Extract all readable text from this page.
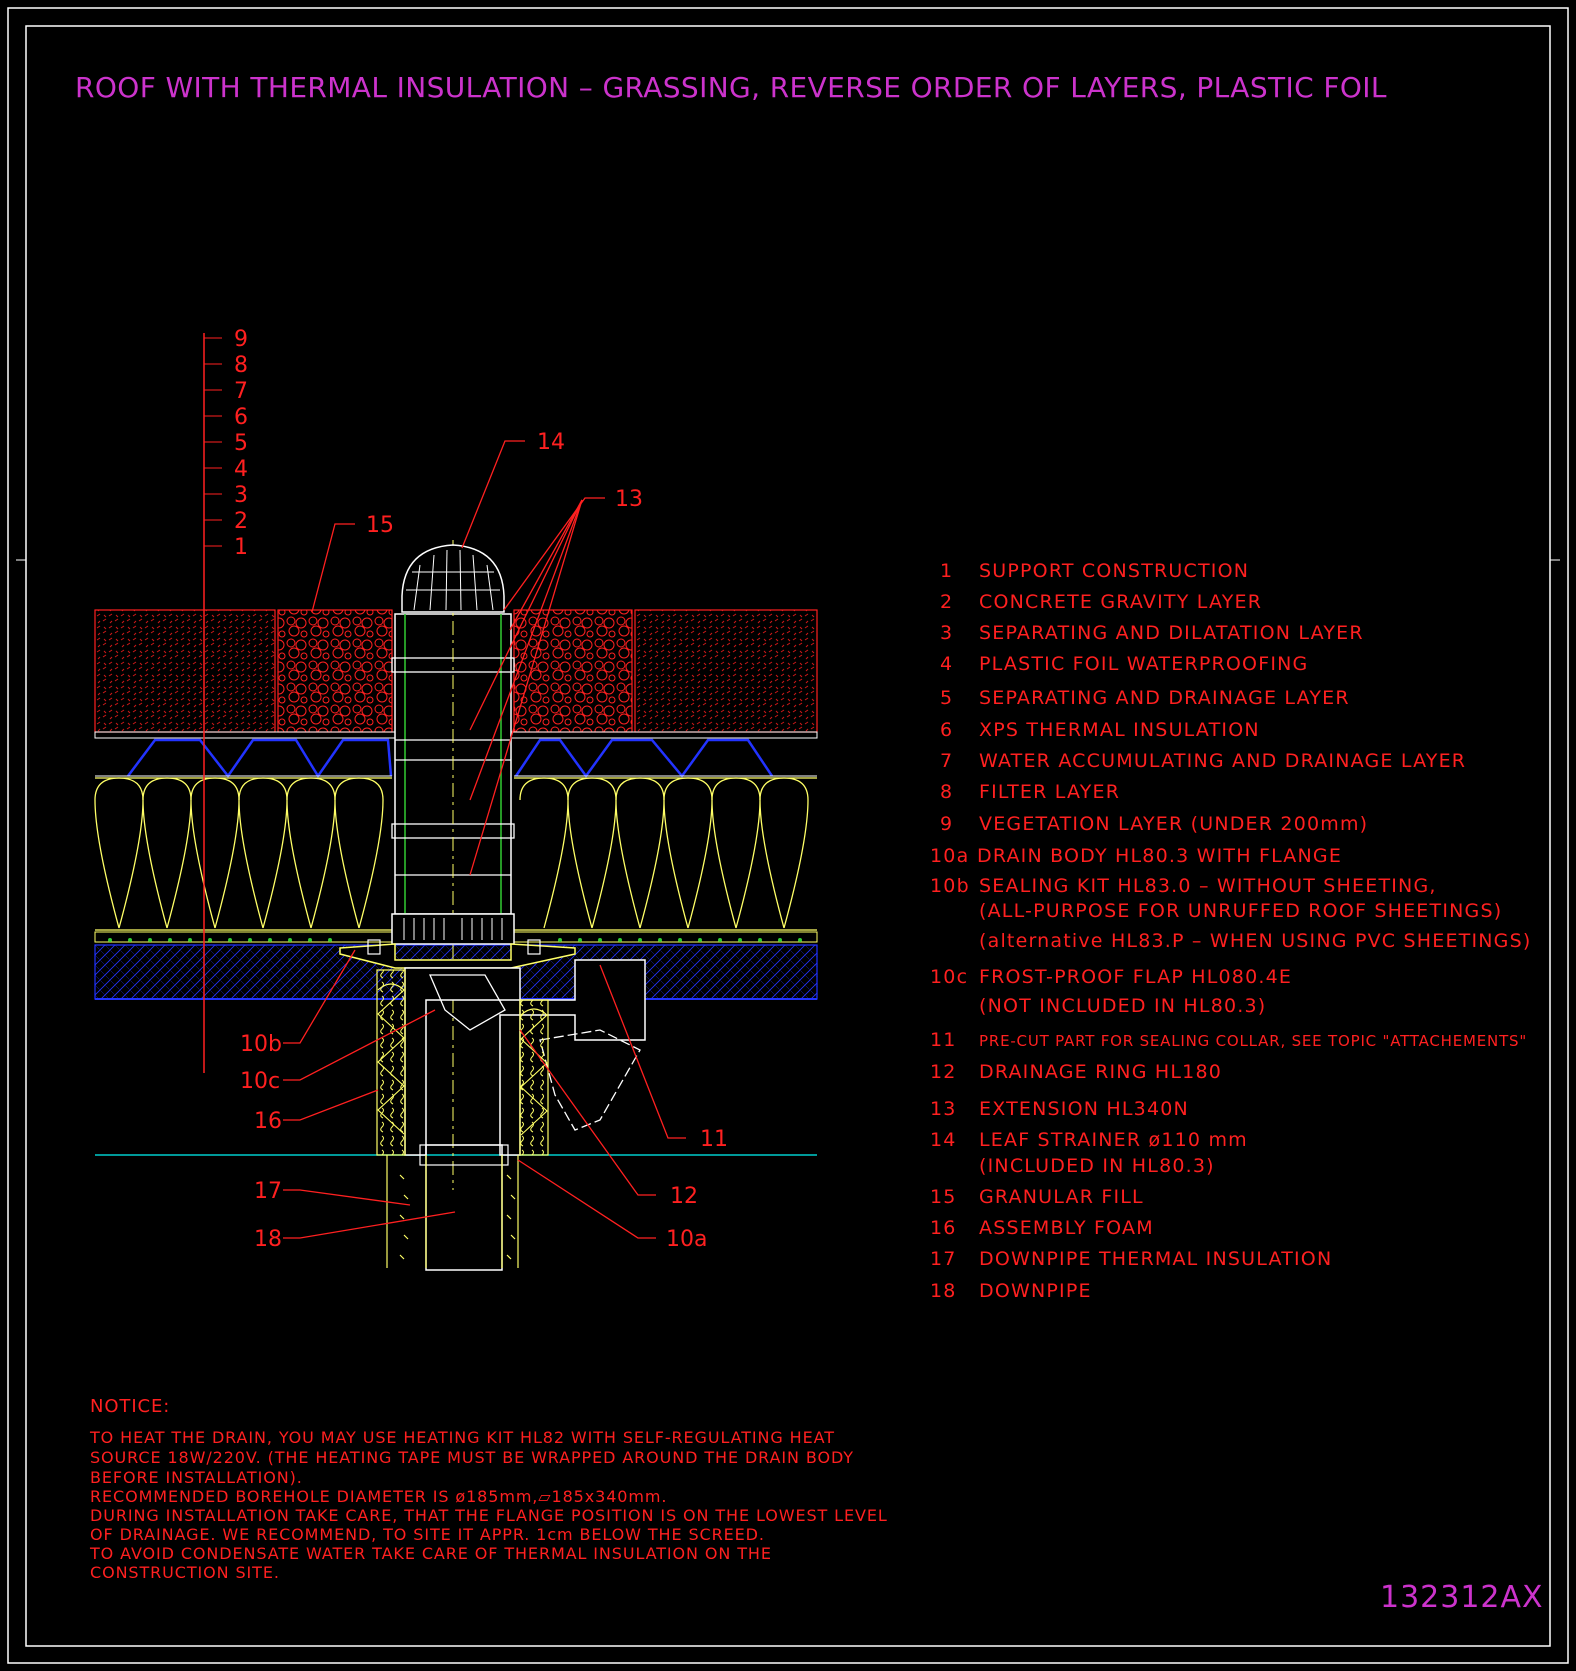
ROOF WITH THERMAL INSULATION – GRASSING, REVERSE ORDER OF LAYERS, PLASTIC FOIL
9
8
7
6
5
4
3
2
1
14
13
15
10b
10c
16
17
18
11
12
10a
1 SUPPORT CONSTRUCTION
2 CONCRETE GRAVITY LAYER
3 SEPARATING AND DILATATION LAYER
4 PLASTIC FOIL WATERPROOFING
5 SEPARATING AND DRAINAGE LAYER
6 XPS THERMAL INSULATION
7 WATER ACCUMULATING AND DRAINAGE LAYER
8 FILTER LAYER
9 VEGETATION LAYER (UNDER 200mm)
10a DRAIN BODY HL80.3 WITH FLANGE
10b SEALING KIT HL83.0 – WITHOUT SHEETING,
(ALL-PURPOSE FOR UNRUFFED ROOF SHEETINGS)
(alternative HL83.P – WHEN USING PVC SHEETINGS)
10c FROST-PROOF FLAP HL080.4E
(NOT INCLUDED IN HL80.3)
11 PRE-CUT PART FOR SEALING COLLAR, SEE TOPIC "ATTACHEMENTS"
12 DRAINAGE RING HL180
13 EXTENSION HL340N
14 LEAF STRAINER ø110 mm
(INCLUDED IN HL80.3)
15 GRANULAR FILL
16 ASSEMBLY FOAM
17 DOWNPIPE THERMAL INSULATION
18 DOWNPIPE
NOTICE:
TO HEAT THE DRAIN, YOU MAY USE HEATING KIT HL82 WITH SELF-REGULATING HEAT
SOURCE 18W/220V. (THE HEATING TAPE MUST BE WRAPPED AROUND THE DRAIN BODY
BEFORE INSTALLATION).
RECOMMENDED BOREHOLE DIAMETER IS ø185mm,▱185x340mm.
DURING INSTALLATION TAKE CARE, THAT THE FLANGE POSITION IS ON THE LOWEST LEVEL
OF DRAINAGE. WE RECOMMEND, TO SITE IT APPR. 1cm BELOW THE SCREED.
TO AVOID CONDENSATE WATER TAKE CARE OF THERMAL INSULATION ON THE
CONSTRUCTION SITE.
132312AX
